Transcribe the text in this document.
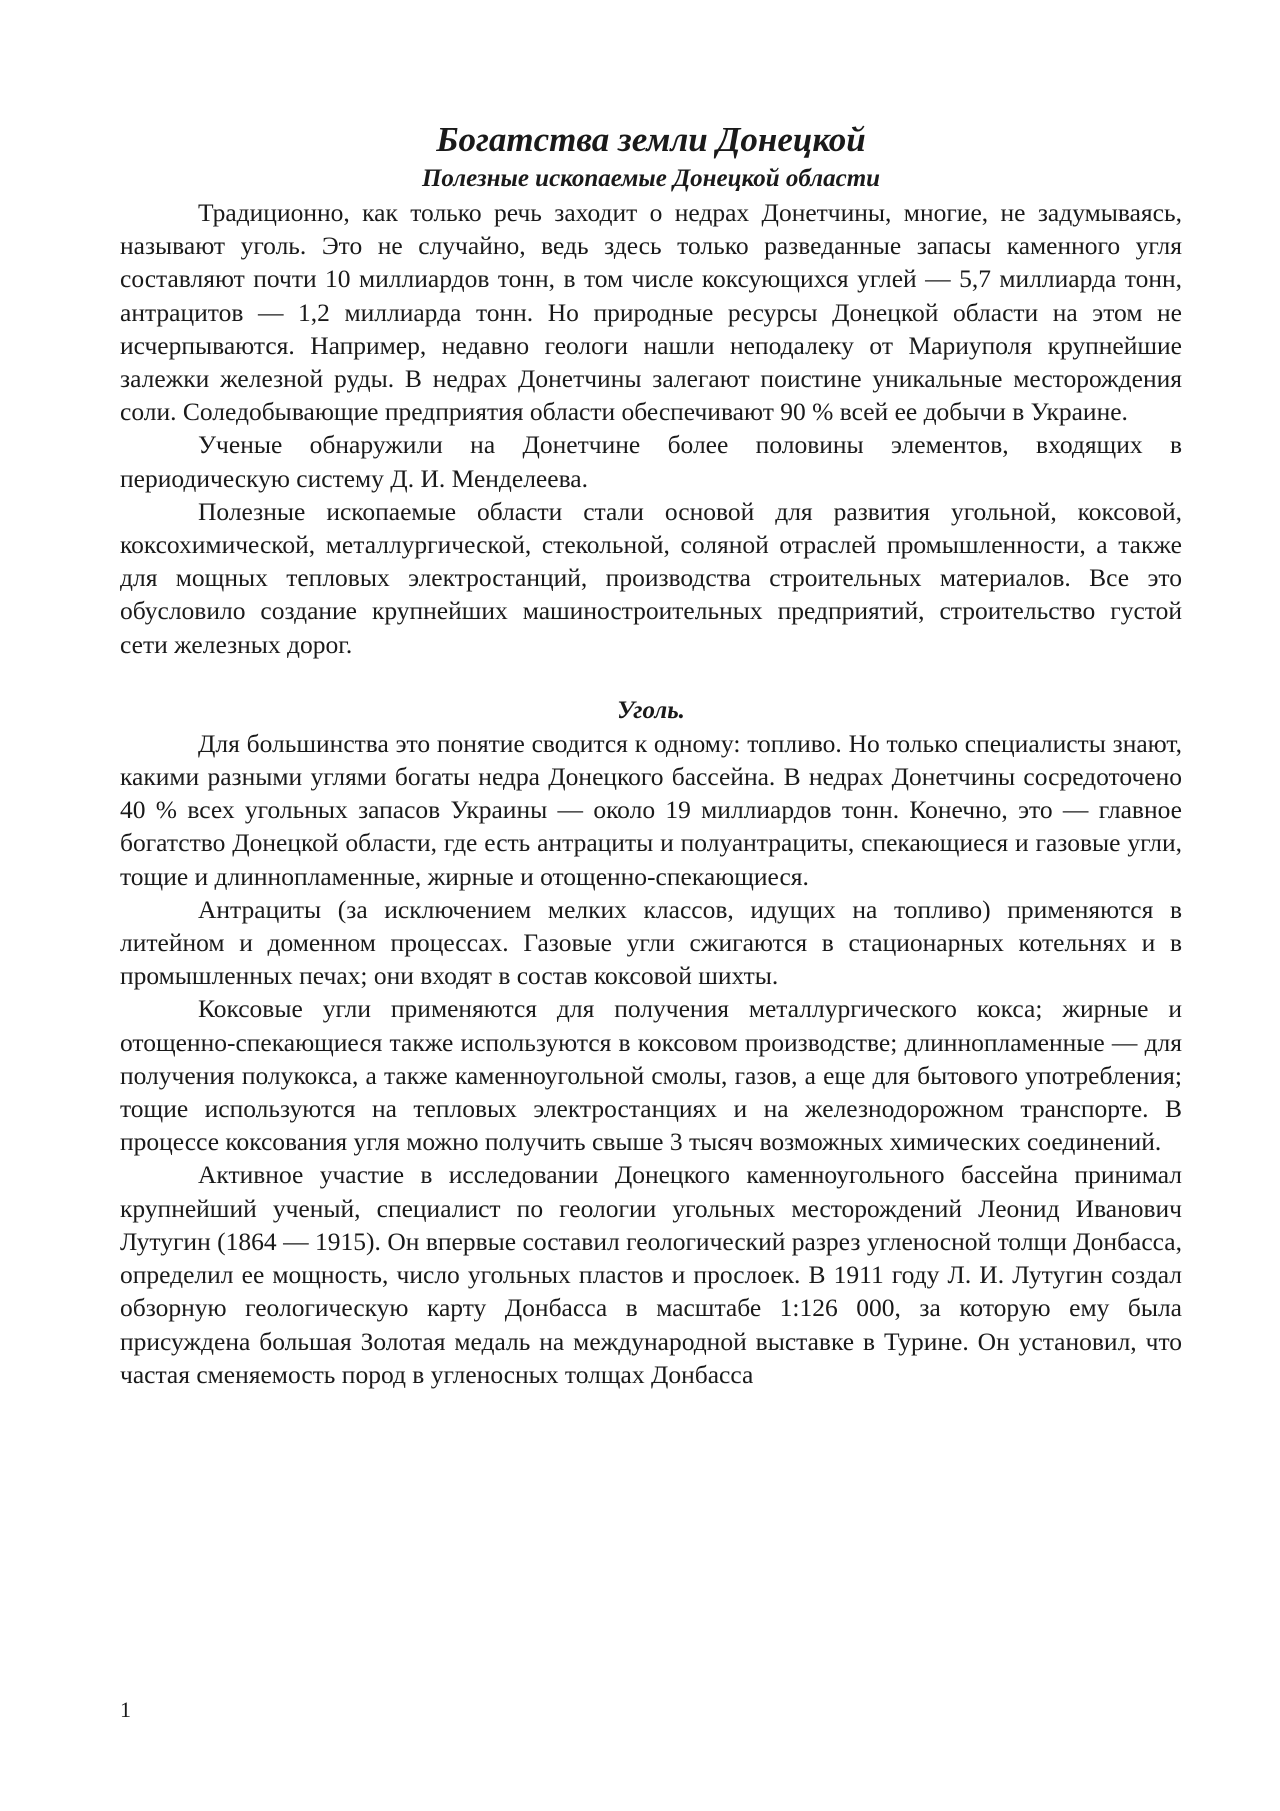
Богатства земли Донецкой
Полезные ископаемые Донецкой области

Традиционно, как только речь заходит о недрах Донетчины, многие, не задумываясь, называют уголь. Это не случайно, ведь здесь только разведанные запасы каменного угля составляют почти 10 миллиардов тонн, в том числе коксующихся углей — 5,7 миллиарда тонн, антрацитов — 1,2 миллиарда тонн. Но природные ресурсы Донецкой области на этом не исчерпываются. Например, недавно геологи нашли неподалеку от Мариуполя крупнейшие залежки железной руды. В недрах Донетчины залегают поистине уникальные месторождения соли. Соледобывающие предприятия области обеспечивают 90 % всей ее добычи в Украине.

Ученые обнаружили на Донетчине более половины элементов, входящих в периодическую систему Д. И. Менделеева.

Полезные ископаемые области стали основой для развития угольной, коксовой, коксохимической, металлургической, стекольной, соляной отраслей промышленности, а также для мощных тепловых электростанций, производства строительных материалов. Все это обусловило создание крупнейших машиностроительных предприятий, строительство густой сети железных дорог.

Уголь.

Для большинства это понятие сводится к одному: топливо. Но только специалисты знают, какими разными углями богаты недра Донецкого бассейна. В недрах Донетчины сосредоточено 40 % всех угольных запасов Украины — около 19 миллиардов тонн. Конечно, это — главное богатство Донецкой области, где есть антрациты и полуантрациты, спекающиеся и газовые угли, тощие и длиннопламенные, жирные и отощенно-спекающиеся.

Антрациты (за исключением мелких классов, идущих на топливо) применяются в литейном и доменном процессах. Газовые угли сжигаются в стационарных котельнях и в промышленных печах; они входят в состав коксовой шихты.

Коксовые угли применяются для получения металлургического кокса; жирные и отощенно-спекающиеся также используются в коксовом производстве; длиннопламенные — для получения полукокса, а также каменноугольной смолы, газов, а еще для бытового употребления; тощие используются на тепловых электростанциях и на железнодорожном транспорте. В процессе коксования угля можно получить свыше 3 тысяч возможных химических соединений.

Активное участие в исследовании Донецкого каменноугольного бассейна принимал крупнейший ученый, специалист по геологии угольных месторождений Леонид Иванович Лутугин (1864 — 1915). Он впервые составил геологический разрез угленосной толщи Донбасса, определил ее мощность, число угольных пластов и прослоек. В 1911 году Л. И. Лутугин создал обзорную геологическую карту Донбасса в масштабе 1:126 000, за которую ему была присуждена большая Золотая медаль на международной выставке в Турине. Он установил, что частая сменяемость пород в угленосных толщах Донбасса

1
